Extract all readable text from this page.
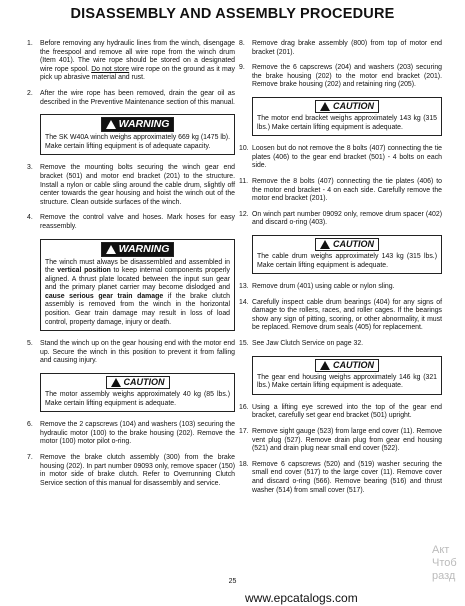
DISASSEMBLY AND ASSEMBLY PROCEDURE
1.	Before removing any hydraulic lines from the winch, disengage the freespool and remove all wire rope from the winch drum (Item 401). The wire rope should be stored on a designated wire rope spool. Do not store wire rope on the ground as it may pick up abrasive material and rust.
2.	After the wire rope has been removed, drain the gear oil as described in the Preventive Maintenance section of this manual.
WARNING
The SK W40A winch weighs approximately 669 kg (1475 lb). Make certain lifting equipment is of adequate capacity.
3.	Remove the mounting bolts securing the winch gear end bracket (501) and motor end bracket (201) to the structure. Install a nylon or cable sling around the cable drum, slightly off center towards the gear housing and hoist the winch out of the structure. Clean outside surfaces of the winch.
4.	Remove the control valve and hoses. Mark hoses for easy reassembly.
WARNING
The winch must always be disassembled and assembled in the vertical position to keep internal components properly aligned. A thrust plate located between the input sun gear and the primary planet carrier may become dislodged and cause serious gear train damage if the brake clutch assembly is removed from the winch in the horizontal position. Gear train damage may result in loss of load control, property damage, injury or death.
5.	Stand the winch up on the gear housing end with the motor end up. Secure the winch in this position to prevent it from falling and causing injury.
CAUTION
The motor assembly weighs approximately 40 kg (85 lbs.) Make certain lifting equipment is adequate.
6.	Remove the 2 capscrews (104) and washers (103) securing the hydraulic motor (100) to the brake housing (202). Remove the motor (100) motor pilot o-ring.
7.	Remove the brake clutch assembly (300) from the brake housing (202). In part number 09093 only, remove spacer (150) in motor side of brake clutch. Refer to Overrunning Clutch Service section of this manual for disassembly and service.
8.	Remove drag brake assembly (800) from top of motor end bracket (201).
9.	Remove the 6 capscrews (204) and washers (203) securing the brake housing (202) to the motor end bracket (201). Remove brake housing (202) and retaining ring (205).
CAUTION
The motor end bracket weighs approximately 143 kg (315 lbs.) Make certain lifting equipment is adequate.
10. Loosen but do not remove the 8 bolts (407) connecting the tie plates (406) to the gear end bracket (501) - 4 bolts on each side.
11. Remove the 8 bolts (407) connecting the tie plates (406) to the motor end bracket - 4 on each side. Carefully remove the motor end bracket (201).
12. On winch part number 09092 only, remove drum spacer (402) and discard o-ring (403).
CAUTION
The cable drum weighs approximately 143 kg (315 lbs.) Make certain lifting equipment is adequate.
13. Remove drum (401) using cable or nylon sling.
14. Carefully inspect cable drum bearings (404) for any signs of damage to the rollers, races, and roller cages. If the bearings show any sign of pitting, scoring, or other abnormality, it must be replaced. Remove drum seals (405) for replacement.
15. See Jaw Clutch Service on page 32.
CAUTION
The gear end housing weighs approximately 146 kg (321 lbs.) Make certain lifting equipment is adequate.
16. Using a lifting eye screwed into the top of the gear end bracket, carefully set gear end bracket (501) upright.
17. Remove sight gauge (523) from large end cover (11). Remove vent plug (527). Remove drain plug from gear end housing (521) and drain plug near small end cover (522).
18. Remove 6 capscrews (520) and (519) washer securing the small end cover (517) to the large cover (11). Remove cover and discard o-ring (566). Remove bearing (516) and thrust washer (514) from small cover (517).
25
www.epcatalogs.com
Акт
Чтоб
разд
